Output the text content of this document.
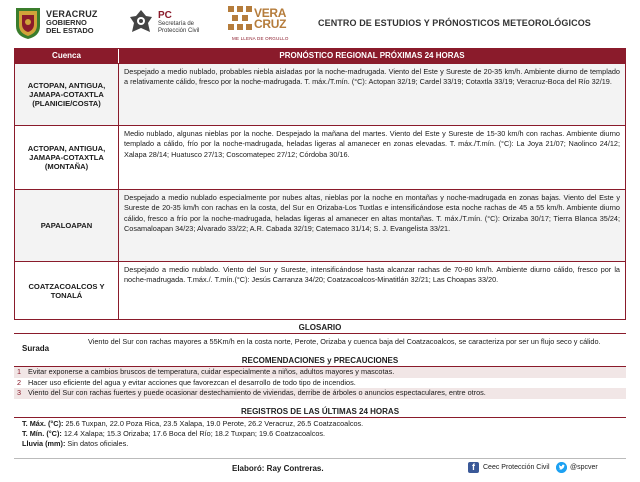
VERACRUZ
GOBIERNO
DEL ESTADO
PC
Secretaría de
Protección Civil
VERA
CRUZ
ME LLENA DE ORGULLO
CENTRO DE ESTUDIOS Y PRÓNOSTICOS METEOROLÓGICOS
Cuenca	PRONÓSTICO REGIONAL PRÓXIMAS 24 HORAS
ACTOPAN, ANTIGUA, JAMAPA-COTAXTLA (PLANICIE/COSTA)
Despejado a medio nublado, probables niebla aisladas por la noche-madrugada. Viento del Este y Sureste de 20-35 km/h. Ambiente diurno de templado a relativamente cálido, fresco por la noche-madrugada. T. máx./T.mín. (°C): Actopan 32/19; Cardel 33/19; Cotaxtla 33/19; Veracruz-Boca del Río 32/19.
ACTOPAN, ANTIGUA, JAMAPA-COTAXTLA (MONTAÑA)
Medio nublado, algunas nieblas por la noche. Despejado la mañana del martes. Viento del Este y Sureste de 15-30 km/h con rachas. Ambiente diurno templado a cálido, frío por la noche-madrugada, heladas ligeras al amanecer en zonas elevadas. T. máx./T.mín. (°C): La Joya 21/07; Naolinco 24/12; Xalapa 28/14; Huatusco 27/13; Coscomatepec 27/12; Córdoba 30/16.
PAPALOAPAN
Despejado a medio nublado especialmente por nubes altas, nieblas por la noche en montañas y noche-madrugada en zonas bajas. Viento del Este y Sureste de 20-35 km/h con rachas en la costa, del Sur en Orizaba-Los Tuxtlas e intensificándose esta noche rachas de 45 a 55 km/h. Ambiente diurno cálido, fresco a frío por la noche-madrugada, heladas ligeras al amanecer en altas montañas. T. máx./T.mín. (°C): Orizaba 30/17; Tierra Blanca 35/24; Cosamaloapan 34/23; Alvarado 33/22; A.R. Cabada 32/19; Catemaco 31/14; S. J. Evangelista 33/21.
COATZACOALCOS Y TONALÁ
Despejado a medio nublado. Viento del Sur y Sureste, intensificándose hasta alcanzar rachas de 70-80 km/h. Ambiente diurno cálido, fresco por la noche-madrugada. T.máx./. T.mín.(°C): Jesús Carranza 34/20; Coatzacoalcos-Minatitlán 32/21; Las Choapas 33/20.
GLOSARIO
Surada
Viento del Sur con rachas mayores a 55Km/h en la costa norte, Perote, Orizaba y cuenca baja del Coatzacoalcos, se caracteriza por ser un flujo seco y cálido.
RECOMENDACIONES y PRECAUCIONES
1 Evitar exponerse a cambios bruscos de temperatura, cuidar especialmente a niños, adultos mayores y mascotas.
2 Hacer uso eficiente del agua y evitar acciones que favorezcan el desarrollo de todo tipo de incendios.
3 Viento del Sur con rachas fuertes y puede ocasionar destechamiento de viviendas, derribe de árboles o anuncios espectaculares, entre otros.
REGISTROS DE LAS ÚLTIMAS 24 HORAS
T. Máx. (°C): 25.6 Tuxpan, 22.0 Poza Rica, 23.5 Xalapa, 19.0 Perote, 26.2 Veracruz, 26.5 Coatzacoalcos.
T. Mín. (°C): 12.4 Xalapa; 15.3 Orizaba; 17.6 Boca del Río; 18.2 Tuxpan; 19.6 Coatzacoalcos.
Lluvia (mm): Sin datos oficiales.
Elaboró: Ray Contreras.	f	Ceec Protección Civil	@spcver
